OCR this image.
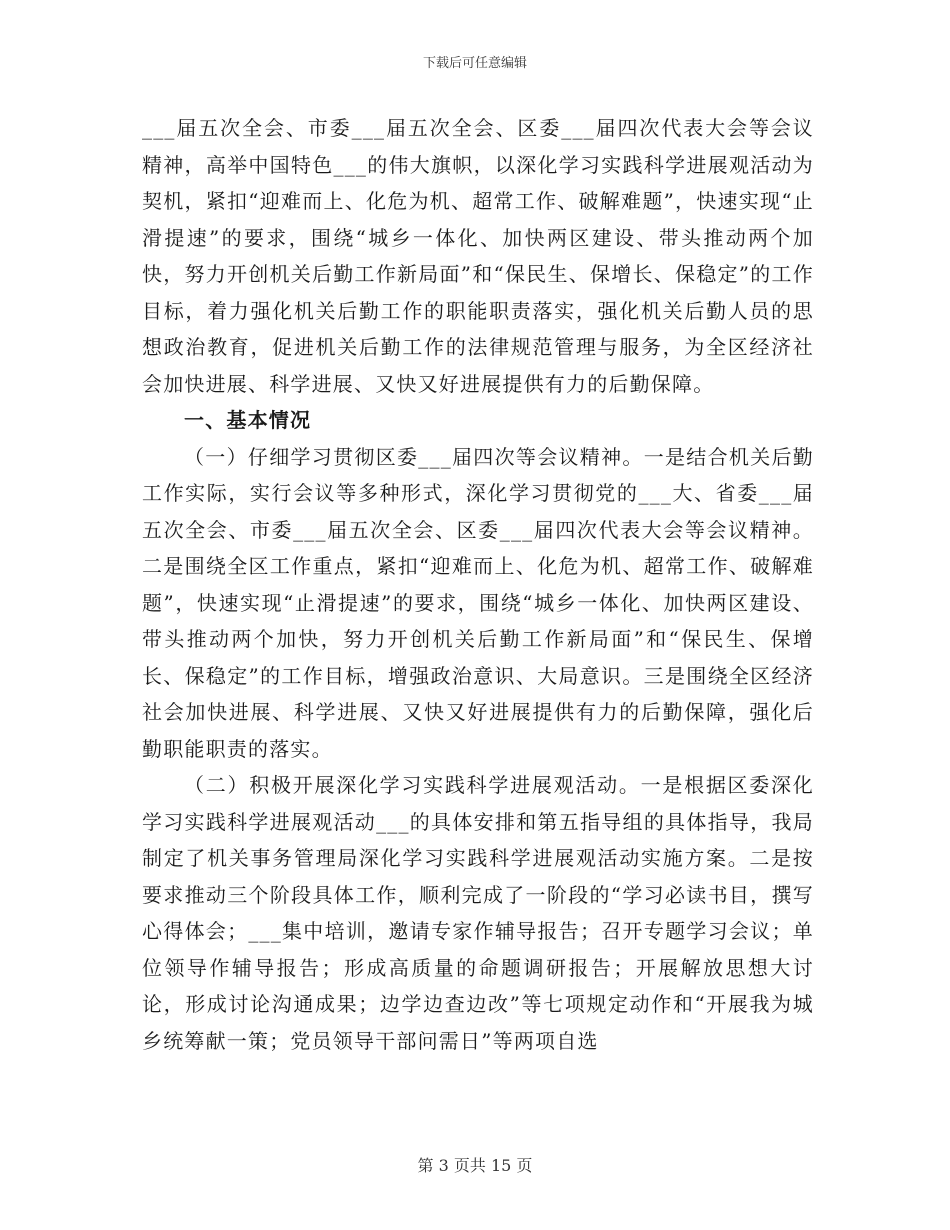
下载后可任意编辑

___届五次全会、市委___届五次全会、区委___届四次代表大会等会议精神，高举中国特色___的伟大旗帜，以深化学习实践科学进展观活动为契机，紧扣“迎难而上、化危为机、超常工作、破解难题”，快速实现“止滑提速”的要求，围绕“城乡一体化、加快两区建设、带头推动两个加快，努力开创机关后勤工作新局面”和“保民生、保增长、保稳定”的工作目标，着力强化机关后勤工作的职能职责落实，强化机关后勤人员的思想政治教育，促进机关后勤工作的法律规范管理与服务，为全区经济社会加快进展、科学进展、又快又好进展提供有力的后勤保障。

一、基本情况

（一）仔细学习贯彻区委___届四次等会议精神。一是结合机关后勤工作实际，实行会议等多种形式，深化学习贯彻党的___大、省委___届五次全会、市委___届五次全会、区委___届四次代表大会等会议精神。二是围绕全区工作重点，紧扣“迎难而上、化危为机、超常工作、破解难题”，快速实现“止滑提速”的要求，围绕“城乡一体化、加快两区建设、带头推动两个加快，努力开创机关后勤工作新局面”和“保民生、保增长、保稳定”的工作目标，增强政治意识、大局意识。三是围绕全区经济社会加快进展、科学进展、又快又好进展提供有力的后勤保障，强化后勤职能职责的落实。

（二）积极开展深化学习实践科学进展观活动。一是根据区委深化学习实践科学进展观活动___的具体安排和第五指导组的具体指导，我局制定了机关事务管理局深化学习实践科学进展观活动实施方案。二是按要求推动三个阶段具体工作，顺利完成了一阶段的“学习必读书目，撰写心得体会；___集中培训，邀请专家作辅导报告；召开专题学习会议；单位领导作辅导报告；形成高质量的命题调研报告；开展解放思想大讨论，形成讨论沟通成果；边学边查边改”等七项规定动作和“开展我为城乡统筹献一策；党员领导干部问需日”等两项自选

第 3 页共 15 页
